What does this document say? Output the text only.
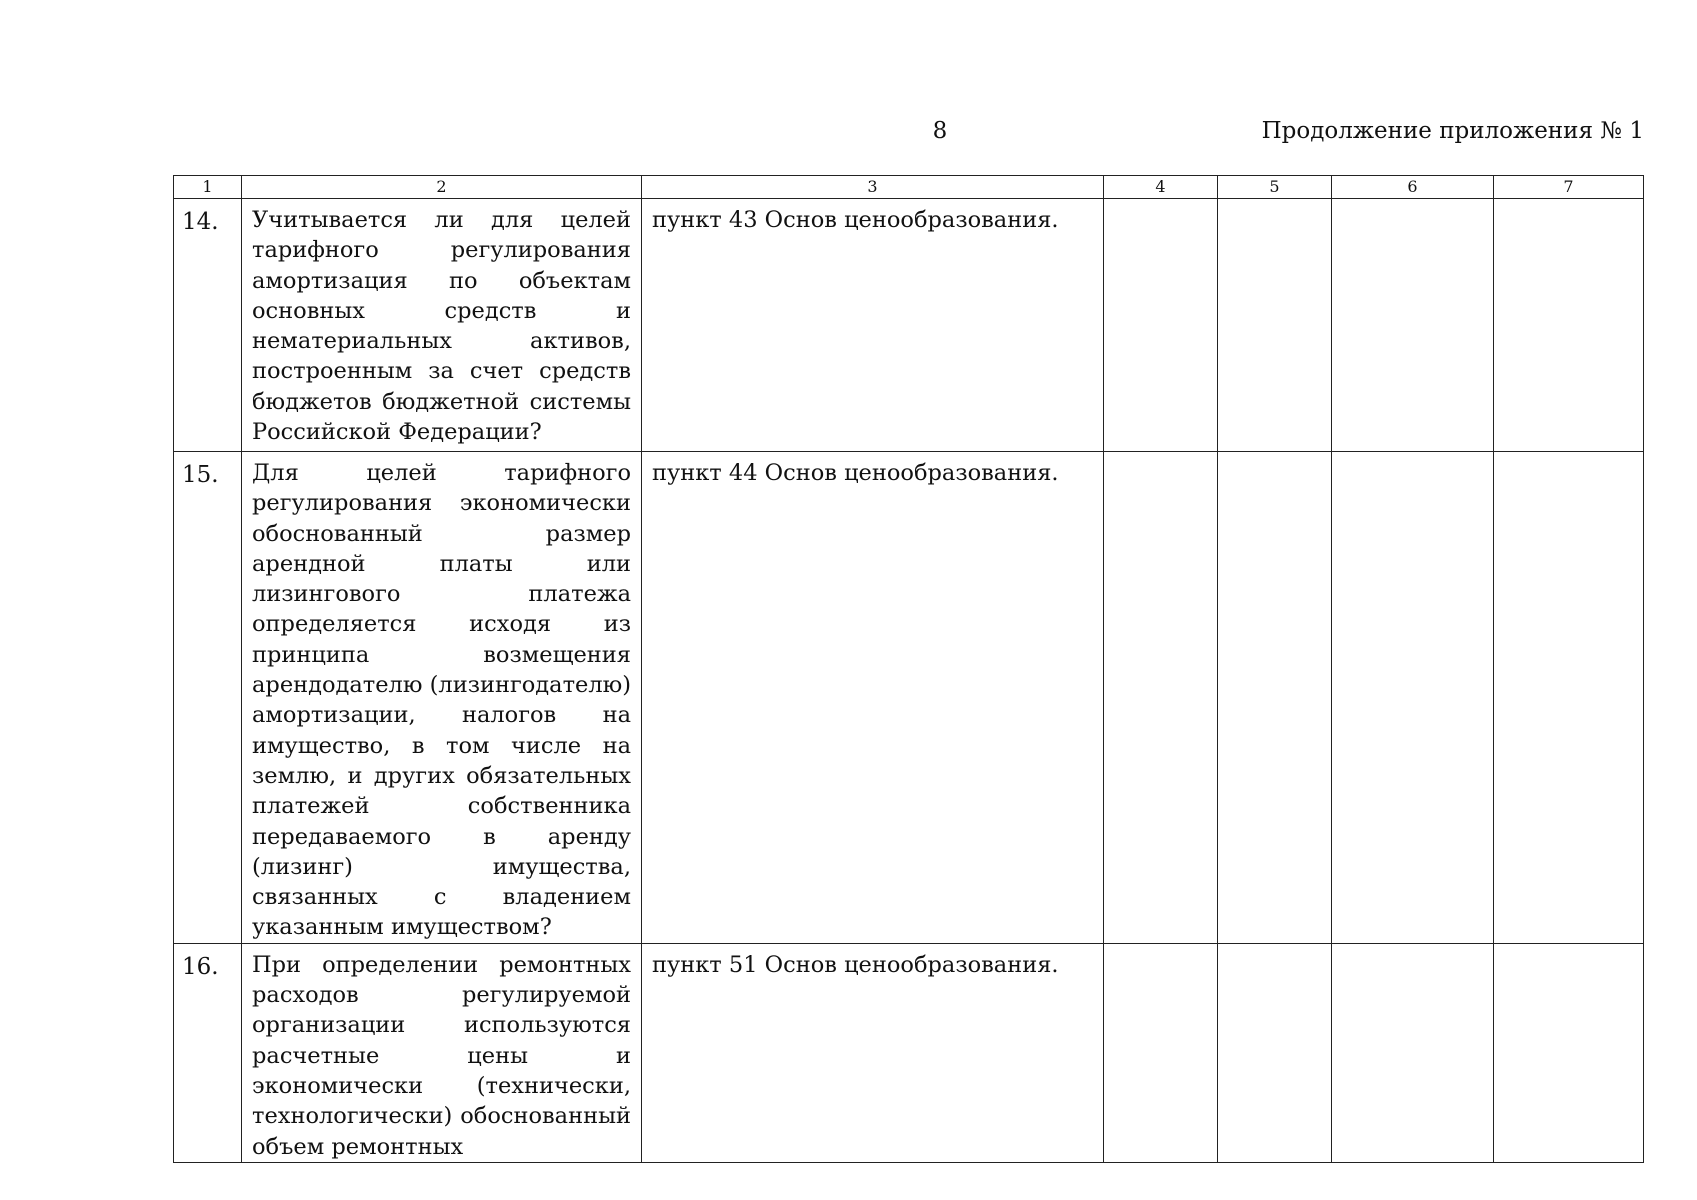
8	Продолжение приложения № 1
1	2	3	4	5	6	7
14.	Учитывается ли для целей тарифного регулирования амортизация по объектам основных средств и нематериальных активов, построенным за счет средств бюджетов бюджетной системы Российской Федерации?	пункт 43 Основ ценообразования.				
15.	Для целей тарифного регулирования экономически обоснованный размер арендной платы или лизингового платежа определяется исходя из принципа возмещения арендодателю (лизингодателю) амортизации, налогов на имущество, в том числе на землю, и других обязательных платежей собственника передаваемого в аренду (лизинг) имущества, связанных с владением указанным имуществом?	пункт 44 Основ ценообразования.				
16.	При определении ремонтных расходов регулируемой организации используются расчетные цены и экономически (технически, технологически) обоснованный объем ремонтных	пункт 51 Основ ценообразования.				
